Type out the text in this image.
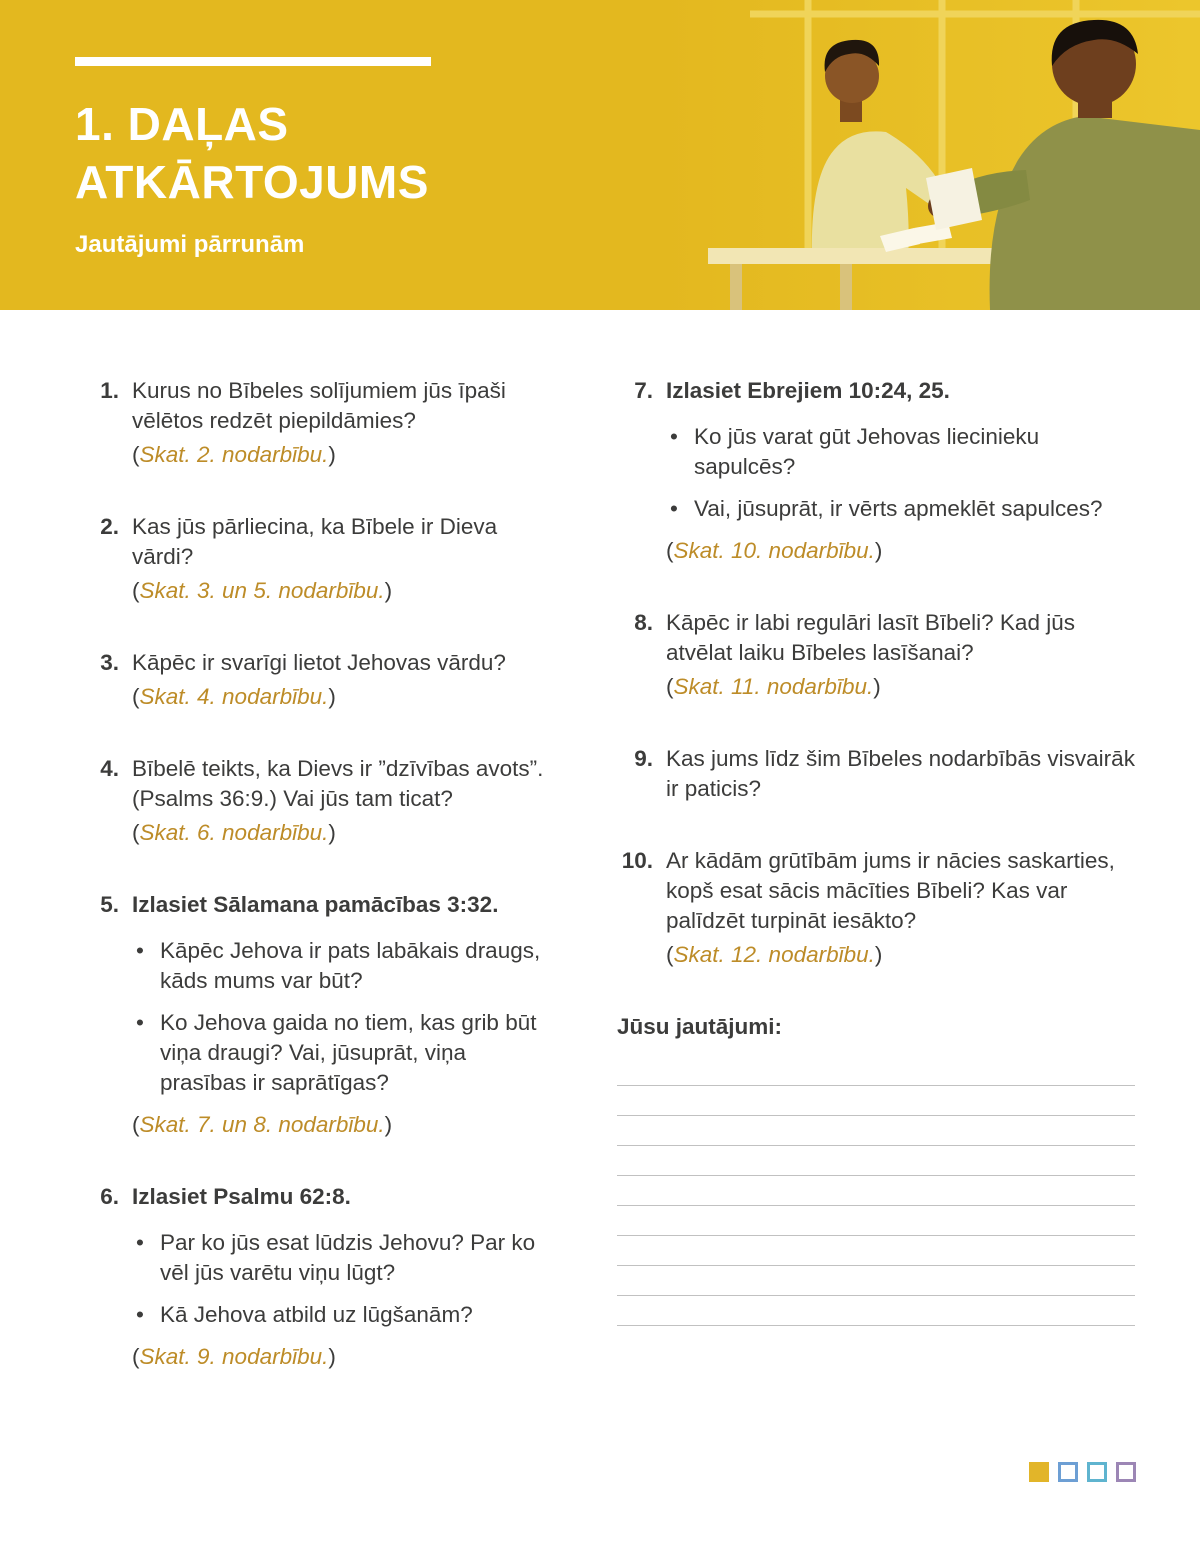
1. DAĻAS
ATKĀRTOJUMS
Jautājumi pārrunām
1. Kurus no Bībeles solījumiem jūs īpaši vēlētos redzēt piepildāmies?

(Skat. 2. nodarbību.)

2. Kas jūs pārliecina, ka Bībele ir Dieva vārdi?

(Skat. 3. un 5. nodarbību.)

3. Kāpēc ir svarīgi lietot Jehovas vārdu?

(Skat. 4. nodarbību.)

4. Bībelē teikts, ka Dievs ir ”dzīvības avots”. (Psalms 36:9.) Vai jūs tam ticat?

(Skat. 6. nodarbību.)

5. Izlasiet Sālamana pamācības 3:32.

• Kāpēc Jehova ir pats labākais draugs, kāds mums var būt?
• Ko Jehova gaida no tiem, kas grib būt viņa draugi? Vai, jūsuprāt, viņa prasības ir saprātīgas?

(Skat. 7. un 8. nodarbību.)

6. Izlasiet Psalmu 62:8.

• Par ko jūs esat lūdzis Jehovu? Par ko vēl jūs varētu viņu lūgt?
• Kā Jehova atbild uz lūgšanām?

(Skat. 9. nodarbību.)

7. Izlasiet Ebrejiem 10:24, 25.

• Ko jūs varat gūt Jehovas liecinieku sapulcēs?
• Vai, jūsuprāt, ir vērts apmeklēt sapulces?

(Skat. 10. nodarbību.)

8. Kāpēc ir labi regulāri lasīt Bībeli? Kad jūs atvēlat laiku Bībeles lasīšanai?

(Skat. 11. nodarbību.)

9. Kas jums līdz šim Bībeles nodarbībās visvairāk ir paticis?

10. Ar kādām grūtībām jums ir nācies saskarties, kopš esat sācis mācīties Bībeli? Kas var palīdzēt turpināt iesākto?

(Skat. 12. nodarbību.)

Jūsu jautājumi:
